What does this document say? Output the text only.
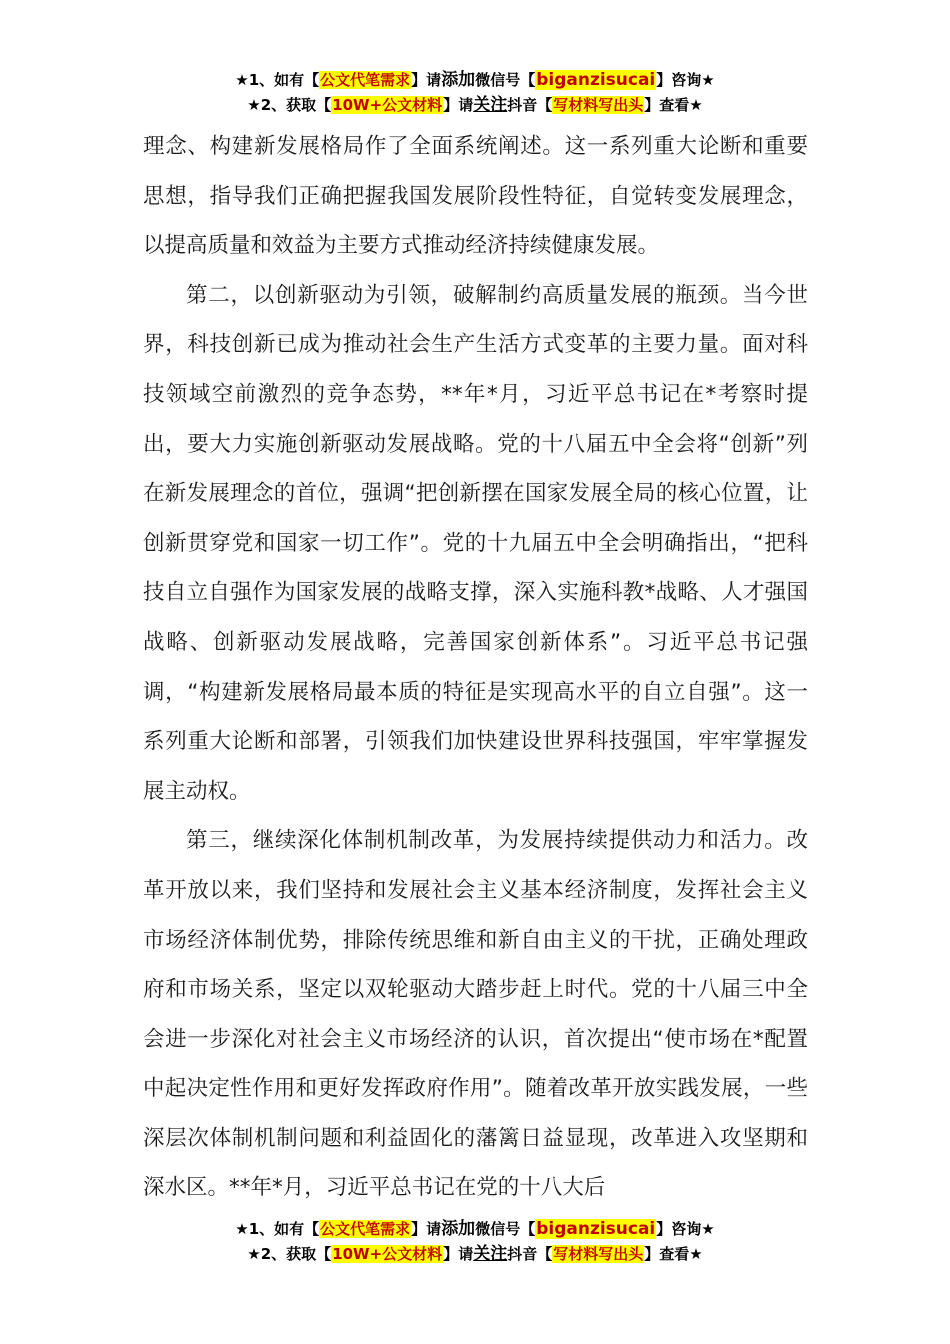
★1、如有【公文代笔需求】请添加微信号【biganzisucai】咨询★
★2、获取【10W+公文材料】请关注抖音【写材料写出头】查看★

理念、构建新发展格局作了全面系统阐述。这一系列重大论断和重要思想，指导我们正确把握我国发展阶段性特征，自觉转变发展理念，以提高质量和效益为主要方式推动经济持续健康发展。

第二，以创新驱动为引领，破解制约高质量发展的瓶颈。当今世界，科技创新已成为推动社会生产生活方式变革的主要力量。面对科技领域空前激烈的竞争态势，**年*月，习近平总书记在*考察时提出，要大力实施创新驱动发展战略。党的十八届五中全会将“创新”列在新发展理念的首位，强调“把创新摆在国家发展全局的核心位置，让创新贯穿党和国家一切工作”。党的十九届五中全会明确指出，“把科技自立自强作为国家发展的战略支撑，深入实施科教*战略、人才强国战略、创新驱动发展战略，完善国家创新体系”。习近平总书记强调，“构建新发展格局最本质的特征是实现高水平的自立自强”。这一系列重大论断和部署，引领我们加快建设世界科技强国，牢牢掌握发展主动权。

第三，继续深化体制机制改革，为发展持续提供动力和活力。改革开放以来，我们坚持和发展社会主义基本经济制度，发挥社会主义市场经济体制优势，排除传统思维和新自由主义的干扰，正确处理政府和市场关系，坚定以双轮驱动大踏步赶上时代。党的十八届三中全会进一步深化对社会主义市场经济的认识，首次提出“使市场在*配置中起决定性作用和更好发挥政府作用”。随着改革开放实践发展，一些深层次体制机制问题和利益固化的藩篱日益显现，改革进入攻坚期和深水区。**年*月，习近平总书记在党的十八大后

★1、如有【公文代笔需求】请添加微信号【biganzisucai】咨询★
★2、获取【10W+公文材料】请关注抖音【写材料写出头】查看★
